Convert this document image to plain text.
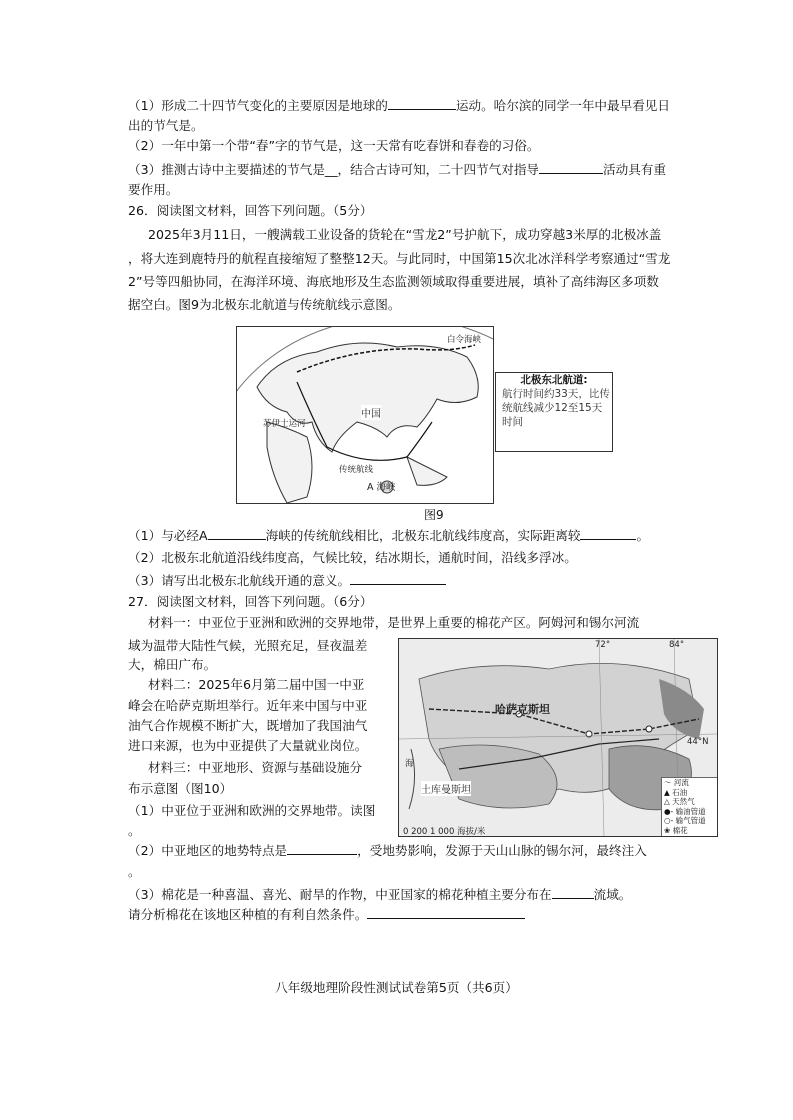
（1）形成二十四节气变化的主要原因是地球的	运动。哈尔滨的同学一年中最早看见日
出的节气是。
（2）一年中第一个带“春”字的节气是，这一天常有吃春饼和春卷的习俗。
（3）推测古诗中主要描述的节气是__，结合古诗可知，二十四节气对指导	活动具有重
要作用。
26．阅读图文材料，回答下列问题。（5分）
2025年3月11日，一艘满载工业设备的货轮在“雪龙2”号护航下，成功穿越3米厚的北极冰盖
，将大连到鹿特丹的航程直接缩短了整整12天。与此同时，中国第15次北冰洋科学考察通过“雪龙
2”号等四船协同，在海洋环境、海底地形及生态监测领域取得重要进展，填补了高纬海区多项数
据空白。图9为北极东北航道与传统航线示意图。
中国
白令海峡
苏伊士运河
传统航线
A 海峡
北极东北航道:
航行时间约33天，比传统航线减少12至15天时间
图9
（1）与必经A	海峡的传统航线相比，北极东北航线纬度高，实际距离较	。
（2）北极东北航道沿线纬度高，气候比较，结冰期长，通航时间，沿线多浮冰。
（3）请写出北极东北航线开通的意义。
27．阅读图文材料，回答下列问题。（6分）
材料一：中亚位于亚洲和欧洲的交界地带，是世界上重要的棉花产区。阿姆河和锡尔河流
域为温带大陆性气候，光照充足，昼夜温差
大，棉田广布。
材料二：2025年6月第二届中国一中亚
峰会在哈萨克斯坦举行。近年来中国与中亚
油气合作规模不断扩大，既增加了我国油气
进口来源，也为中亚提供了大量就业岗位。
材料三：中亚地形、资源与基础设施分
布示意图（图10）
（1）中亚位于亚洲和欧洲的交界地带。读图
。
哈萨克斯坦
土库曼斯坦
72°	84°
44°N
海
0 200 1 000 海拔/米
～ 河流
▲ 石油
△ 天然气
●- 输油管道
○- 输气管道
❀ 棉花
（2）中亚地区的地势特点是	，受地势影响，发源于天山山脉的锡尔河，最终注入
。
（3）棉花是一种喜温、喜光、耐旱的作物，中亚国家的棉花种植主要分布在	流域。
请分析棉花在该地区种植的有利自然条件。
八年级地理阶段性测试试卷第5页（共6页）
